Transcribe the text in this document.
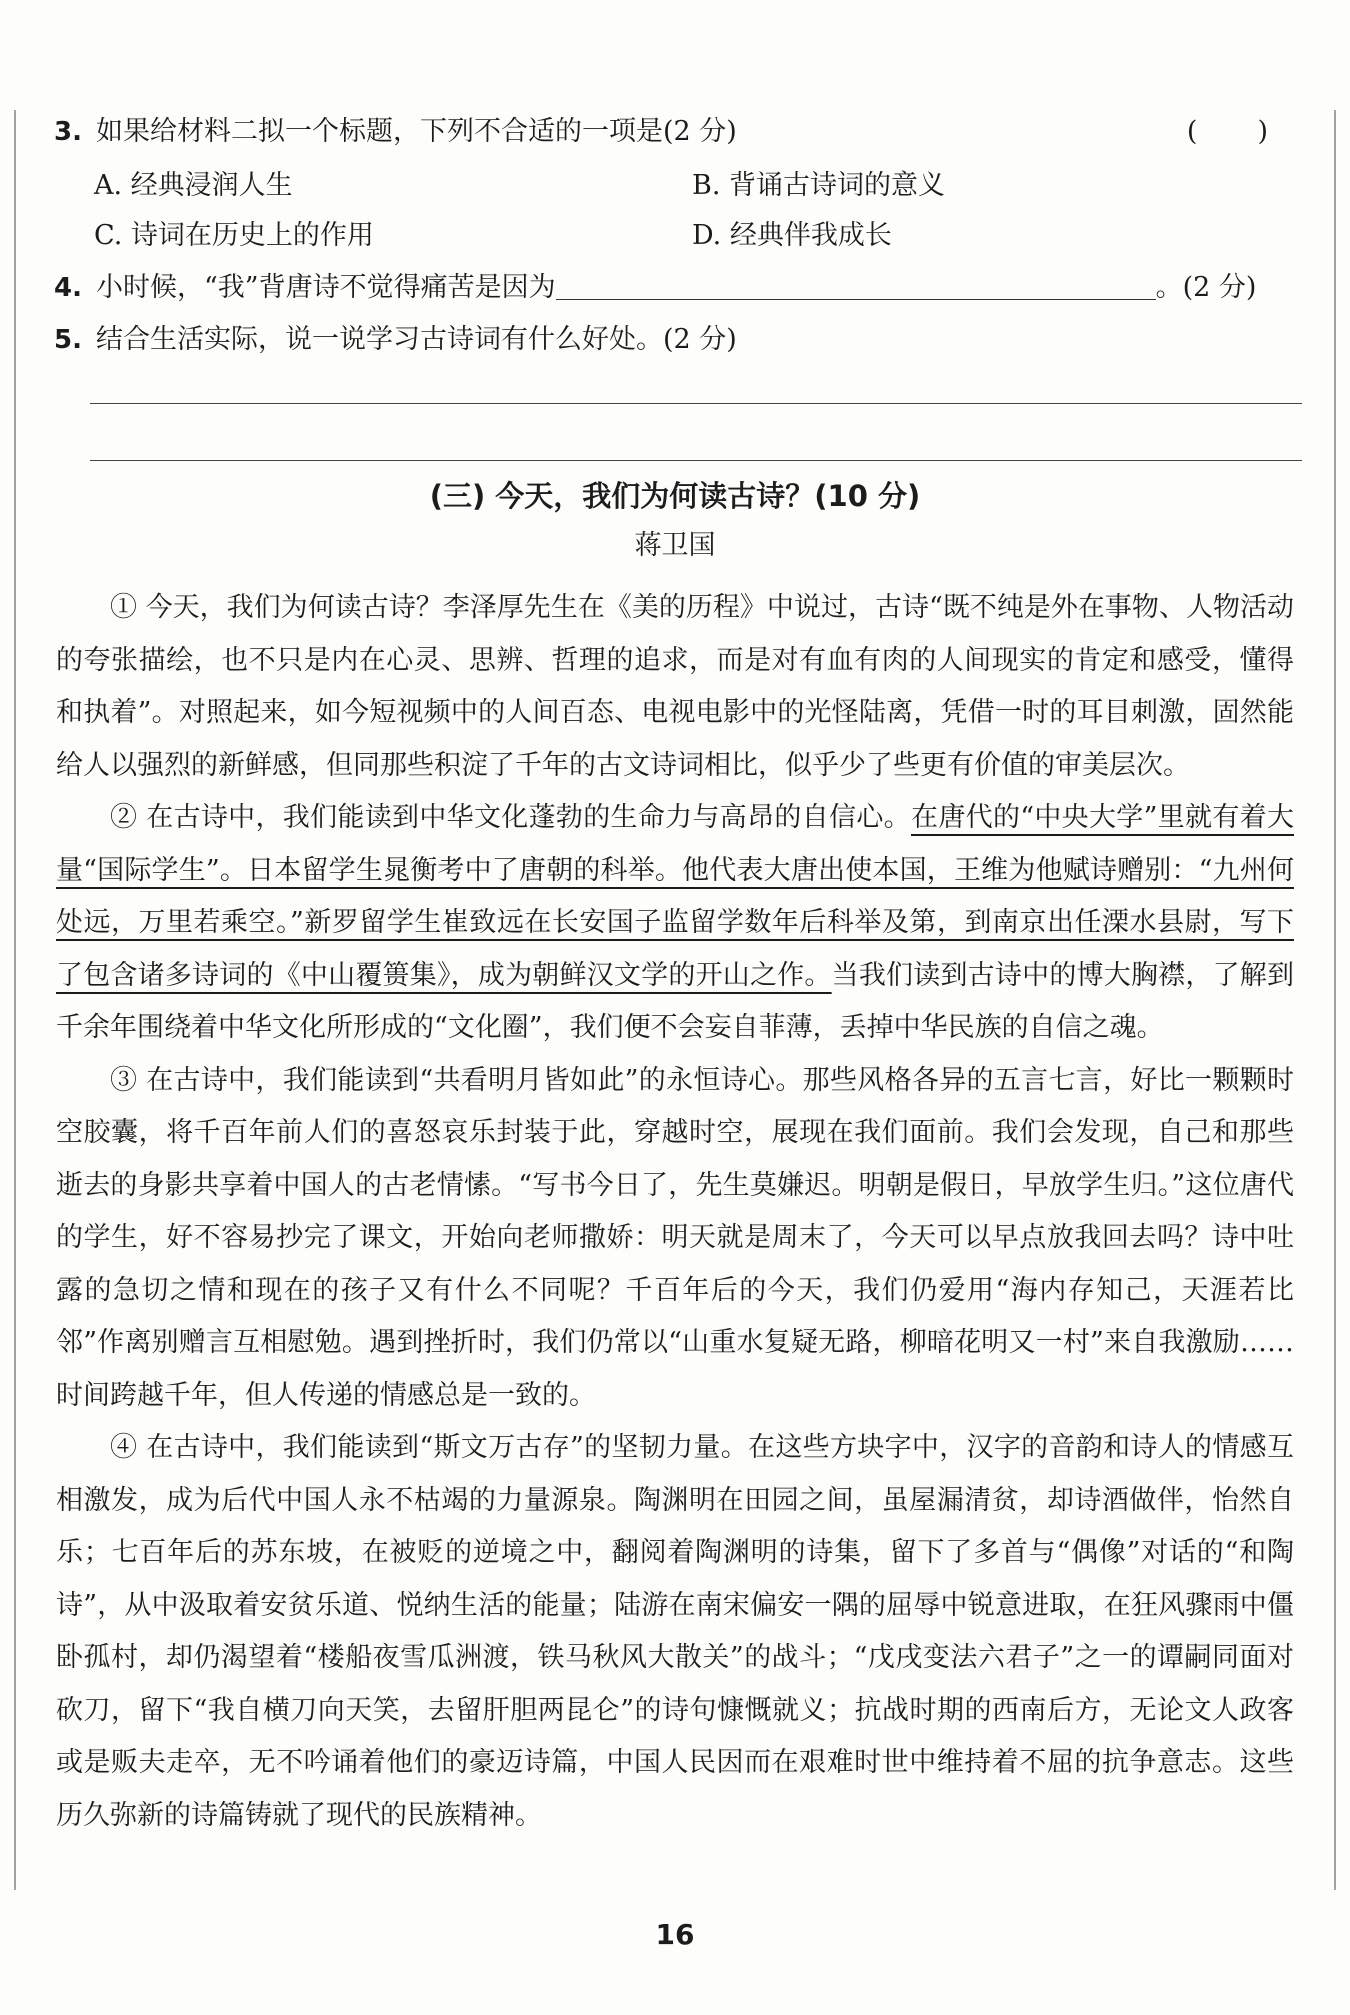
3. 如果给材料二拟一个标题，下列不合适的一项是(2 分)	(　　)
A. 经典浸润人生	B. 背诵古诗词的意义
C. 诗词在历史上的作用	D. 经典伴我成长
4. 小时候，“我”背唐诗不觉得痛苦是因为	。(2 分)
5. 结合生活实际，说一说学习古诗词有什么好处。(2 分)
(三) 今天，我们为何读古诗？(10 分)
蒋卫国

① 今天，我们为何读古诗？李泽厚先生在《美的历程》中说过，古诗“既不纯是外在事物、人物活动的夸张描绘，也不只是内在心灵、思辨、哲理的追求，而是对有血有肉的人间现实的肯定和感受，懂得和执着”。对照起来，如今短视频中的人间百态、电视电影中的光怪陆离，凭借一时的耳目刺激，固然能给人以强烈的新鲜感，但同那些积淀了千年的古文诗词相比，似乎少了些更有价值的审美层次。

② 在古诗中，我们能读到中华文化蓬勃的生命力与高昂的自信心。在唐代的“中央大学”里就有着大量“国际学生”。日本留学生晁衡考中了唐朝的科举。他代表大唐出使本国，王维为他赋诗赠别：“九州何处远，万里若乘空。”新罗留学生崔致远在长安国子监留学数年后科举及第，到南京出任溧水县尉，写下了包含诸多诗词的《中山覆篑集》，成为朝鲜汉文学的开山之作。当我们读到古诗中的博大胸襟，了解到千余年围绕着中华文化所形成的“文化圈”，我们便不会妄自菲薄，丢掉中华民族的自信之魂。

③ 在古诗中，我们能读到“共看明月皆如此”的永恒诗心。那些风格各异的五言七言，好比一颗颗时空胶囊，将千百年前人们的喜怒哀乐封装于此，穿越时空，展现在我们面前。我们会发现，自己和那些逝去的身影共享着中国人的古老情愫。“写书今日了，先生莫嫌迟。明朝是假日，早放学生归。”这位唐代的学生，好不容易抄完了课文，开始向老师撒娇：明天就是周末了，今天可以早点放我回去吗？诗中吐露的急切之情和现在的孩子又有什么不同呢？千百年后的今天，我们仍爱用“海内存知己，天涯若比邻”作离别赠言互相慰勉。遇到挫折时，我们仍常以“山重水复疑无路，柳暗花明又一村”来自我激励……时间跨越千年，但人传递的情感总是一致的。

④ 在古诗中，我们能读到“斯文万古存”的坚韧力量。在这些方块字中，汉字的音韵和诗人的情感互相激发，成为后代中国人永不枯竭的力量源泉。陶渊明在田园之间，虽屋漏清贫，却诗酒做伴，怡然自乐；七百年后的苏东坡，在被贬的逆境之中，翻阅着陶渊明的诗集，留下了多首与“偶像”对话的“和陶诗”，从中汲取着安贫乐道、悦纳生活的能量；陆游在南宋偏安一隅的屈辱中锐意进取，在狂风骤雨中僵卧孤村，却仍渴望着“楼船夜雪瓜洲渡，铁马秋风大散关”的战斗；“戊戌变法六君子”之一的谭嗣同面对砍刀，留下“我自横刀向天笑，去留肝胆两昆仑”的诗句慷慨就义；抗战时期的西南后方，无论文人政客或是贩夫走卒，无不吟诵着他们的豪迈诗篇，中国人民因而在艰难时世中维持着不屈的抗争意志。这些历久弥新的诗篇铸就了现代的民族精神。

16
